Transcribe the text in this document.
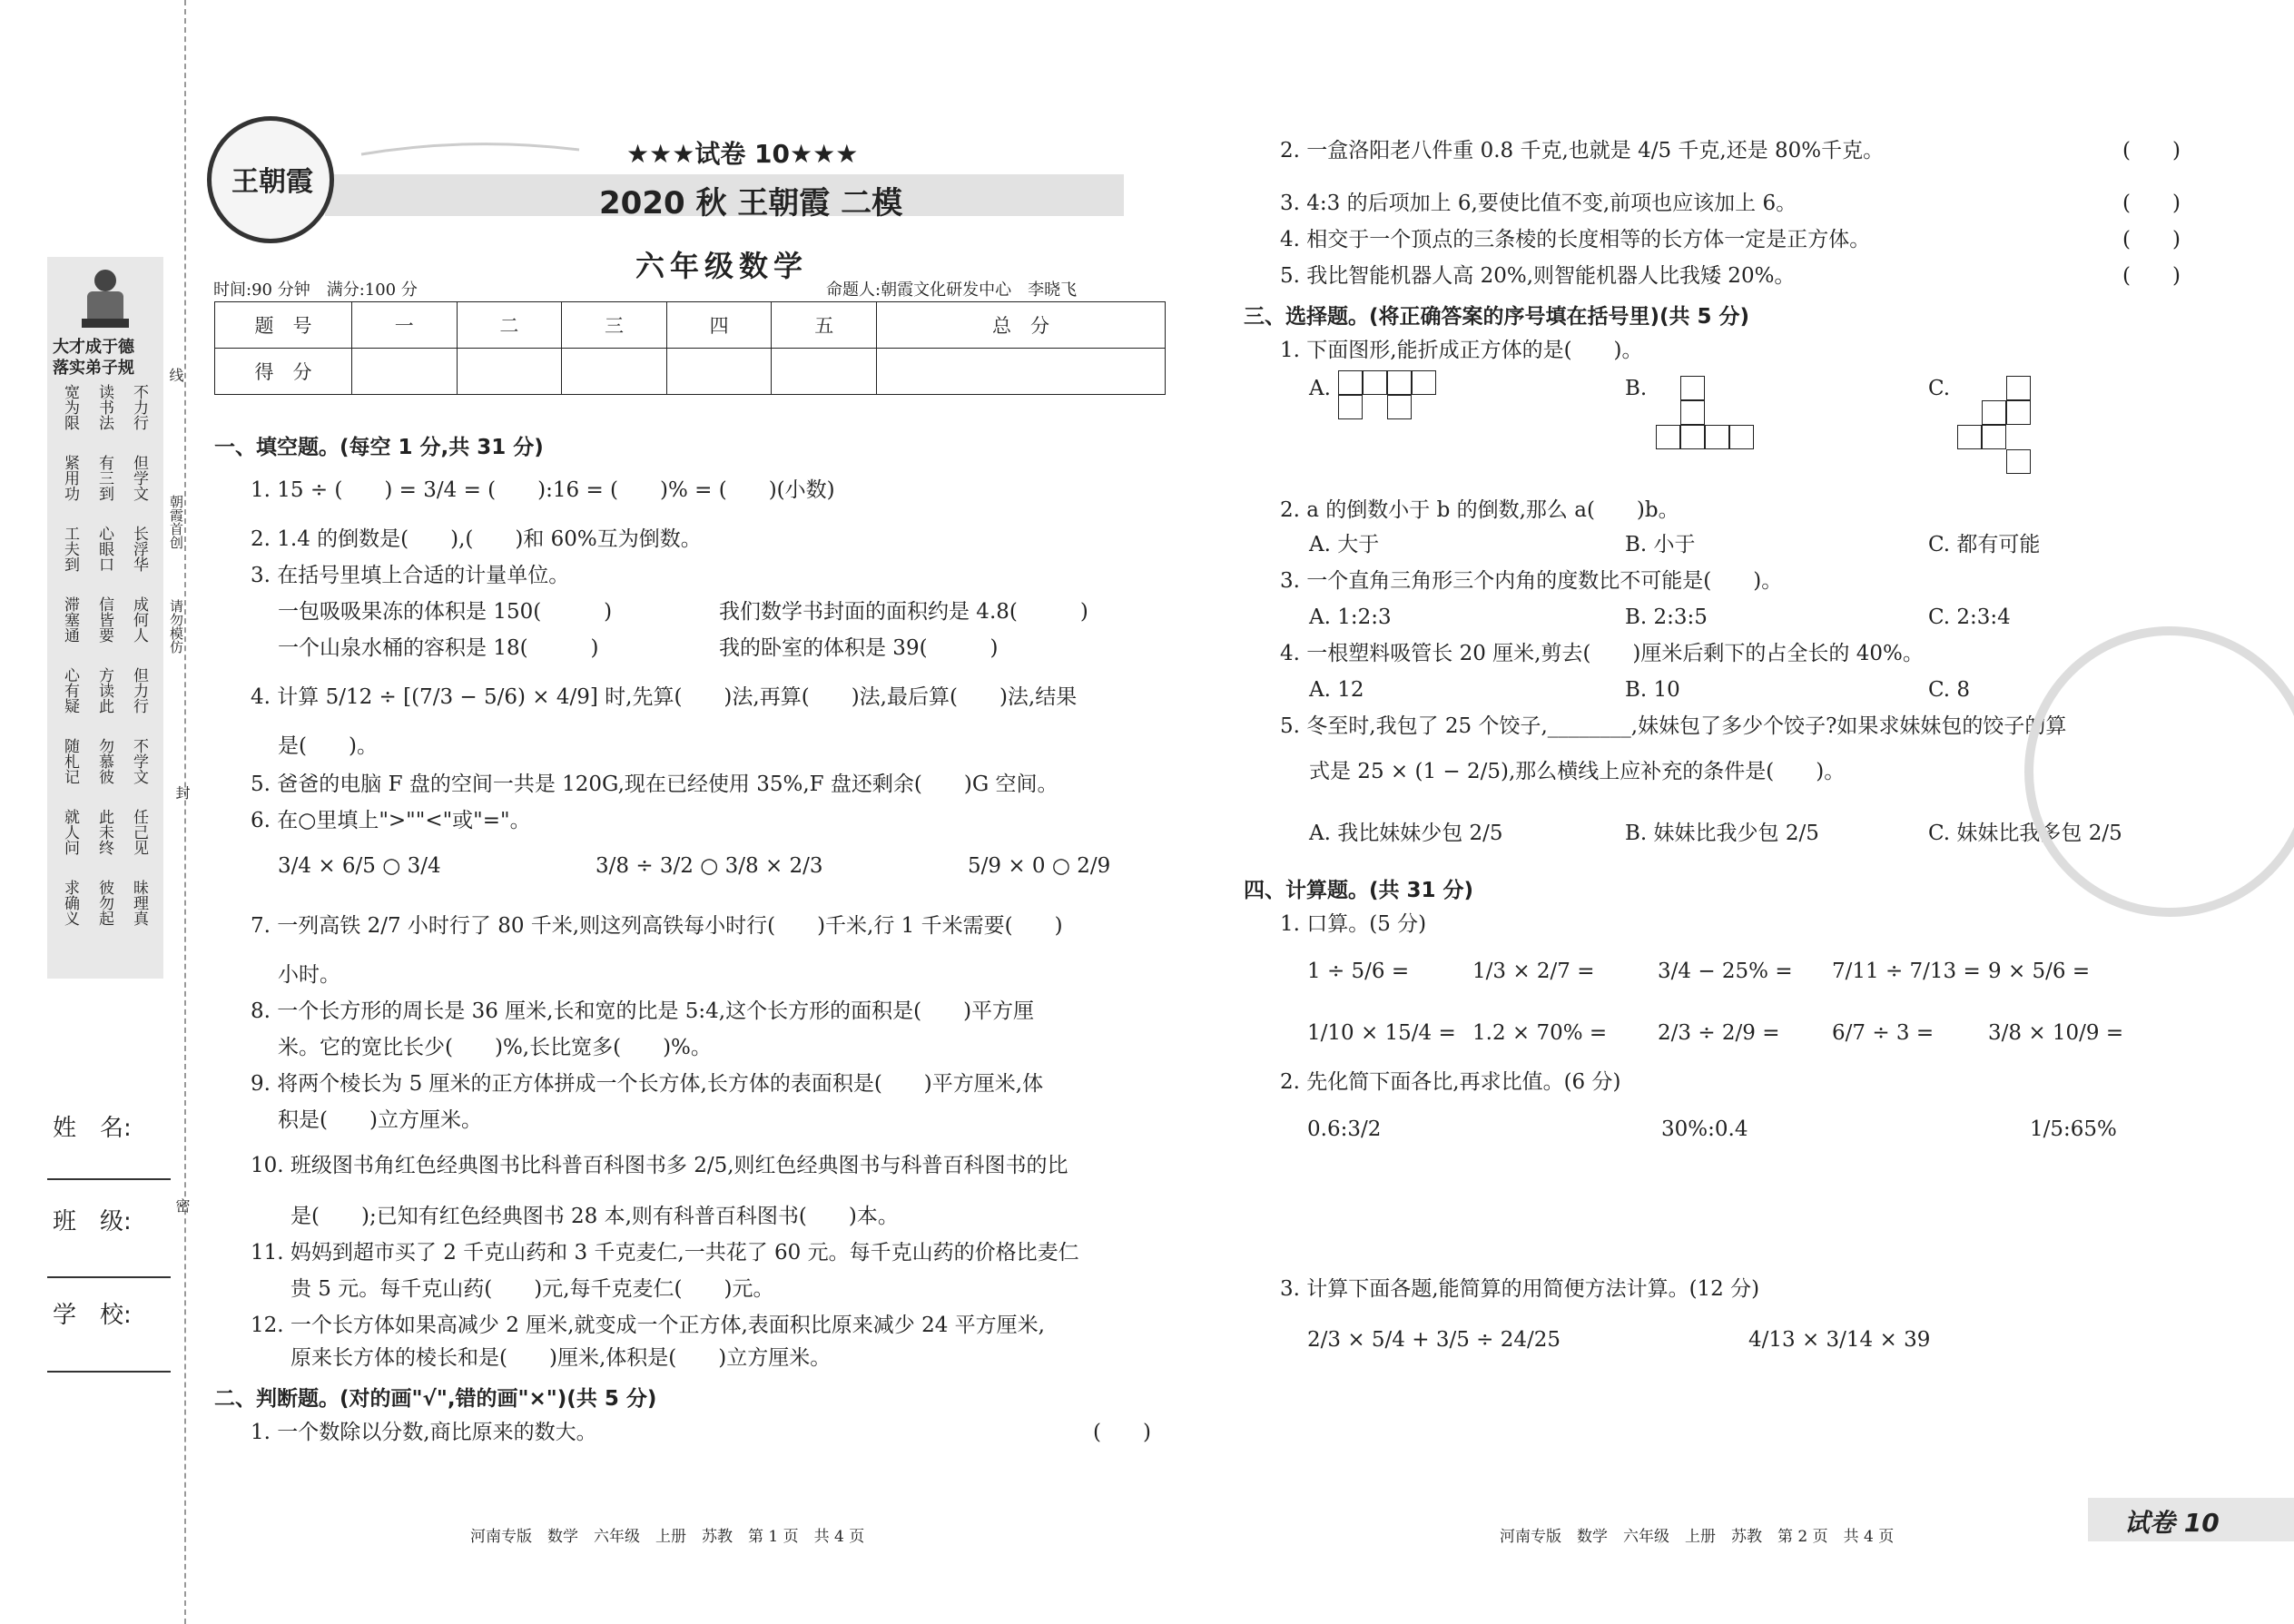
大才成于德
落实弟子规
宽为限 读书法 不力行
紧用功 有三到 但学文
工夫到 心眼口 长浮华
滞塞通 信皆要 成何人
心有疑 方读此 但力行
随札记 勿慕彼 不学文
就人问 此未终 任己见
求确义 彼勿起 昧理真
线
朝霞首创
请勿模仿
封
密
姓　名:
班　级:
学　校:
王朝霞
★★★试卷 10★★★
2020 秋 王朝霞 二模
六年级数学
时间:90 分钟　满分:100 分	命题人:朝霞文化研发中心　李晓飞
题　号	一	二	三	四	五	总　分
得　分						
一、填空题。(每空 1 分,共 31 分)
1. 15 ÷ (　　) = 3/4 = (　　):16 = (　　)% = (　　)(小数)
2. 1.4 的倒数是(　　),(　　)和 60%互为倒数。
3. 在括号里填上合适的计量单位。
一包吸吸果冻的体积是 150(　　　)	我们数学书封面的面积约是 4.8(　　　)
一个山泉水桶的容积是 18(　　　)	我的卧室的体积是 39(　　　)
4. 计算 5/12 ÷ [(7/3 − 5/6) × 4/9] 时,先算(　　)法,再算(　　)法,最后算(　　)法,结果
是(　　)。
5. 爸爸的电脑 F 盘的空间一共是 120G,现在已经使用 35%,F 盘还剩余(　　)G 空间。
6. 在○里填上">""<"或"="。
3/4 × 6/5 ○ 3/4	3/8 ÷ 3/2 ○ 3/8 × 2/3	5/9 × 0 ○ 2/9
7. 一列高铁 2/7 小时行了 80 千米,则这列高铁每小时行(　　)千米,行 1 千米需要(　　)
小时。
8. 一个长方形的周长是 36 厘米,长和宽的比是 5:4,这个长方形的面积是(　　)平方厘
米。它的宽比长少(　　)%,长比宽多(　　)%。
9. 将两个棱长为 5 厘米的正方体拼成一个长方体,长方体的表面积是(　　)平方厘米,体
积是(　　)立方厘米。
10. 班级图书角红色经典图书比科普百科图书多 2/5,则红色经典图书与科普百科图书的比
是(　　);已知有红色经典图书 28 本,则有科普百科图书(　　)本。
11. 妈妈到超市买了 2 千克山药和 3 千克麦仁,一共花了 60 元。每千克山药的价格比麦仁
贵 5 元。每千克山药(　　)元,每千克麦仁(　　)元。
12. 一个长方体如果高减少 2 厘米,就变成一个正方体,表面积比原来减少 24 平方厘米,
原来长方体的棱长和是(　　)厘米,体积是(　　)立方厘米。
二、判断题。(对的画"√",错的画"×")(共 5 分)
1. 一个数除以分数,商比原来的数大。	(　　)
河南专版　数学　六年级　上册　苏教　第 1 页　共 4 页
2. 一盒洛阳老八件重 0.8 千克,也就是 4/5 千克,还是 80%千克。	(　　)
3. 4:3 的后项加上 6,要使比值不变,前项也应该加上 6。	(　　)
4. 相交于一个顶点的三条棱的长度相等的长方体一定是正方体。	(　　)
5. 我比智能机器人高 20%,则智能机器人比我矮 20%。	(　　)
三、选择题。(将正确答案的序号填在括号里)(共 5 分)
1. 下面图形,能折成正方体的是(　　)。
A.	B.	C.
2. a 的倒数小于 b 的倒数,那么 a(　　)b。
A. 大于	B. 小于	C. 都有可能
3. 一个直角三角形三个内角的度数比不可能是(　　)。
A. 1:2:3	B. 2:3:5	C. 2:3:4
4. 一根塑料吸管长 20 厘米,剪去(　　)厘米后剩下的占全长的 40%。
A. 12	B. 10	C. 8
5. 冬至时,我包了 25 个饺子,________,妹妹包了多少个饺子?如果求妹妹包的饺子的算
式是 25 × (1 − 2/5),那么横线上应补充的条件是(　　)。
A. 我比妹妹少包 2/5	B. 妹妹比我少包 2/5	C. 妹妹比我多包 2/5
四、计算题。(共 31 分)
1. 口算。(5 分)
1 ÷ 5/6 =	1/3 × 2/7 =	3/4 − 25% = 7/11 ÷ 7/13 = 9 × 5/6 =
1/10 × 15/4 = 1.2 × 70% = 2/3 ÷ 2/9 = 6/7 ÷ 3 =	3/8 × 10/9 =
2. 先化简下面各比,再求比值。(6 分)
0.6:3/2	30%:0.4	1/5:65%
3. 计算下面各题,能简算的用简便方法计算。(12 分)
2/3 × 5/4 + 3/5 ÷ 24/25	4/13 × 3/14 × 39
河南专版　数学　六年级　上册　苏教　第 2 页　共 4 页	试卷 10
